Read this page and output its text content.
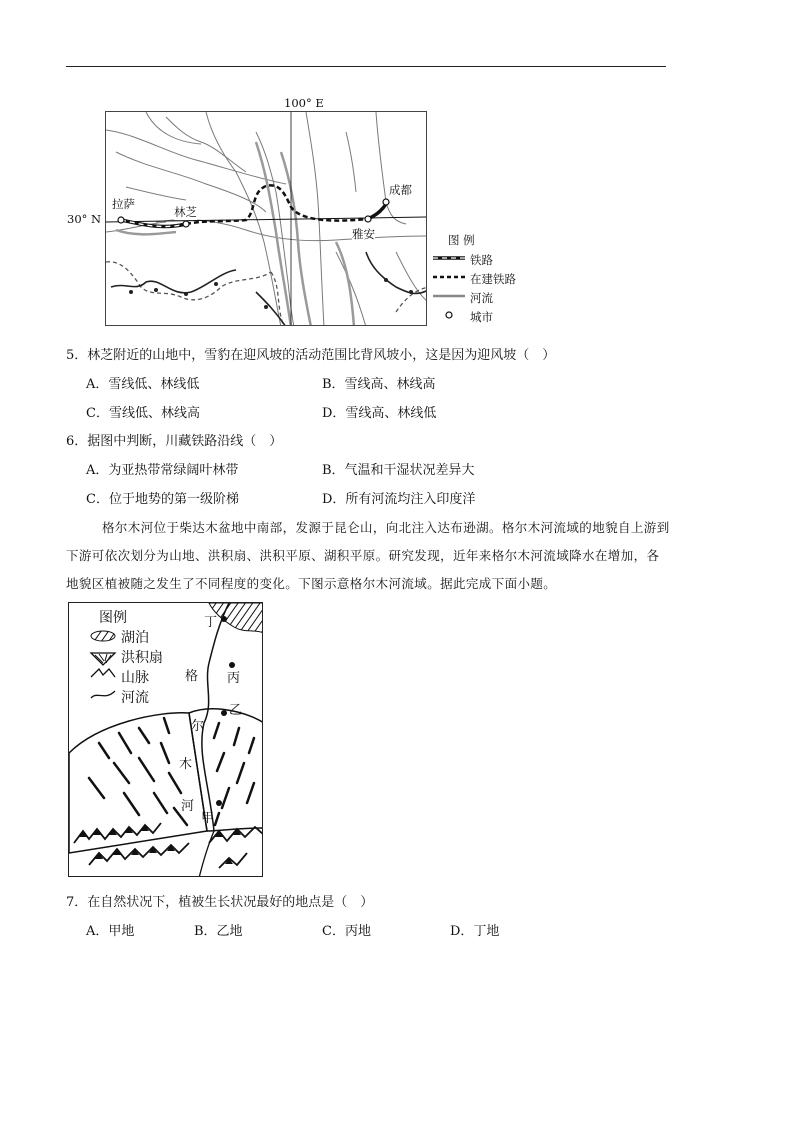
100° E
30° N
拉萨
林芝
成都
雅安	图 例
铁路
在建铁路
河流
城市
5．林芝附近的山地中，雪豹在迎风坡的活动范围比背风坡小，这是因为迎风坡（　）
A．雪线低、林线低	B．雪线高、林线高
C．雪线低、林线高	D．雪线高、林线低
6．据图中判断，川藏铁路沿线（　）
A．为亚热带常绿阔叶林带	B．气温和干湿状况差异大
C．位于地势的第一级阶梯	D．所有河流均注入印度洋
格尔木河位于柴达木盆地中南部，发源于昆仑山，向北注入达布逊湖。格尔木河流域的地貌自上游到
下游可依次划分为山地、洪积扇、洪积平原、湖积平原。研究发现，近年来格尔木河流域降水在增加，各
地貌区植被随之发生了不同程度的变化。下图示意格尔木河流域。据此完成下面小题。
图例
湖泊
洪积扇
山脉
河流
格
尔
木
河
丁
丙
乙
甲
7．在自然状况下，植被生长状况最好的地点是（　）
A．甲地	B．乙地	C．丙地	D．丁地
